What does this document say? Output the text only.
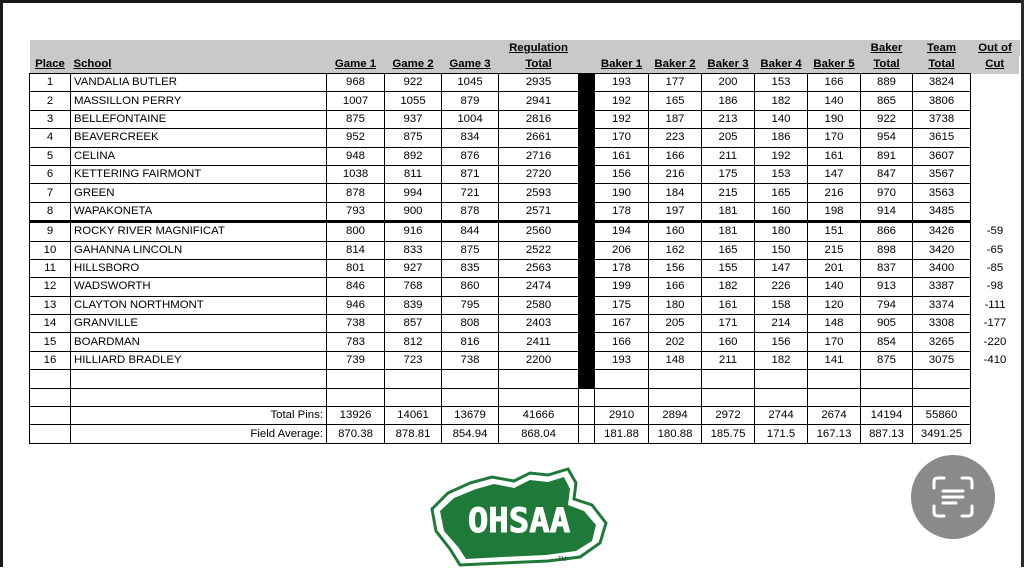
					Regulation							Baker	Team	Out of
Place	School	Game 1	Game 2	Game 3	Total		Baker 1	Baker 2	Baker 3	Baker 4	Baker 5	Total	Total	Cut
1	VANDALIA BUTLER	968	922	1045	2935		193	177	200	153	166	889	3824	
2	MASSILLON PERRY	1007	1055	879	2941		192	165	186	182	140	865	3806	
3	BELLEFONTAINE	875	937	1004	2816		192	187	213	140	190	922	3738	
4	BEAVERCREEK	952	875	834	2661		170	223	205	186	170	954	3615	
5	CELINA	948	892	876	2716		161	166	211	192	161	891	3607	
6	KETTERING FAIRMONT	1038	811	871	2720		156	216	175	153	147	847	3567	
7	GREEN	878	994	721	2593		190	184	215	165	216	970	3563	
8	WAPAKONETA	793	900	878	2571		178	197	181	160	198	914	3485	
9	ROCKY RIVER MAGNIFICAT	800	916	844	2560		194	160	181	180	151	866	3426	-59
10	GAHANNA LINCOLN	814	833	875	2522		206	162	165	150	215	898	3420	-65
11	HILLSBORO	801	927	835	2563		178	156	155	147	201	837	3400	-85
12	WADSWORTH	846	768	860	2474		199	166	182	226	140	913	3387	-98
13	CLAYTON NORTHMONT	946	839	795	2580		175	180	161	158	120	794	3374	-111
14	GRANVILLE	738	857	808	2403		167	205	171	214	148	905	3308	-177
15	BOARDMAN	783	812	816	2411		166	202	160	156	170	854	3265	-220
16	HILLIARD BRADLEY	739	723	738	2200		193	148	211	182	141	875	3075	-410

	Total Pins:	13926	14061	13679	41666		2910	2894	2972	2744	2674	14194	55860	
	Field Average:	870.38	878.81	854.94	868.04		181.88	180.88	185.75	171.5	167.13	887.13	3491.25	
OHSAA
TM
